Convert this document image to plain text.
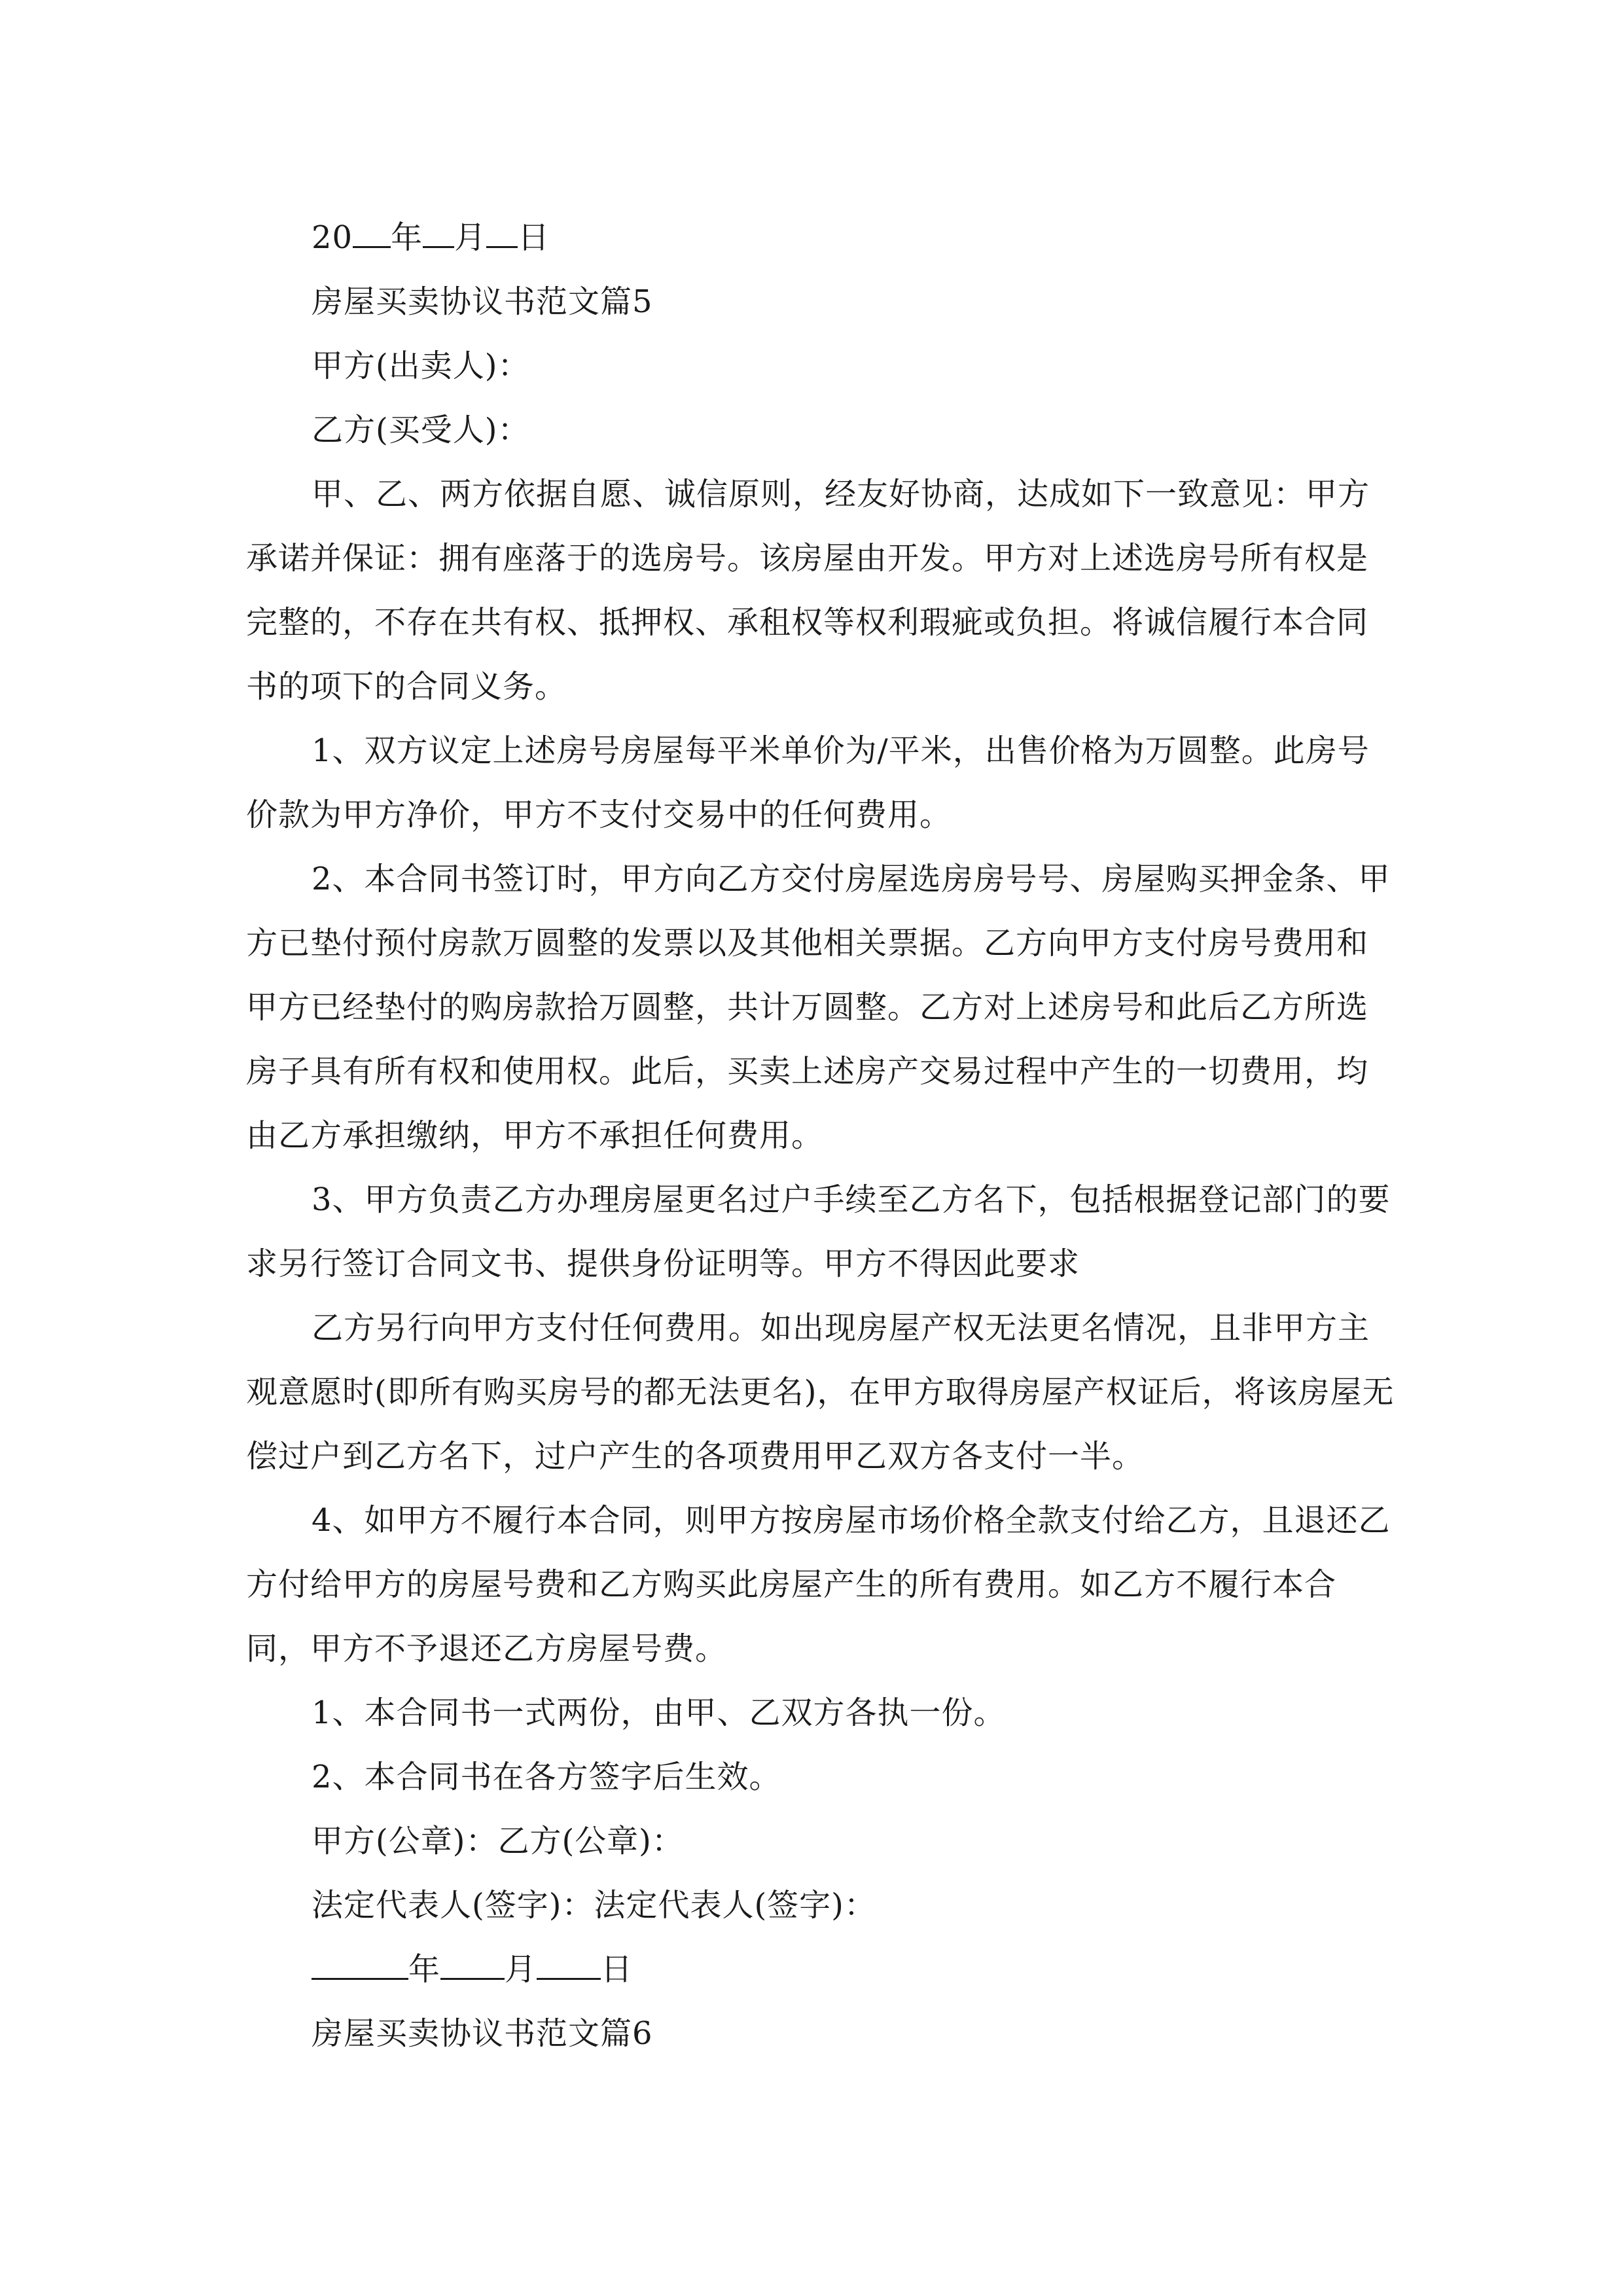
20 年 月 日

房屋买卖协议书范文篇5

甲方(出卖人)：

乙方(买受人)：

甲、乙、两方依据自愿、诚信原则，经友好协商，达成如下一致意见：甲方承诺并保证：拥有座落于的选房号。该房屋由开发。甲方对上述选房号所有权是完整的，不存在共有权、抵押权、承租权等权利瑕疵或负担。将诚信履行本合同书的项下的合同义务。

1、双方议定上述房号房屋每平米单价为/平米，出售价格为万圆整。此房号价款为甲方净价，甲方不支付交易中的任何费用。

2、本合同书签订时，甲方向乙方交付房屋选房房号号、房屋购买押金条、甲方已垫付预付房款万圆整的发票以及其他相关票据。乙方向甲方支付房号费用和甲方已经垫付的购房款拾万圆整，共计万圆整。乙方对上述房号和此后乙方所选房子具有所有权和使用权。此后，买卖上述房产交易过程中产生的一切费用，均由乙方承担缴纳，甲方不承担任何费用。

3、甲方负责乙方办理房屋更名过户手续至乙方名下，包括根据登记部门的要求另行签订合同文书、提供身份证明等。甲方不得因此要求

乙方另行向甲方支付任何费用。如出现房屋产权无法更名情况，且非甲方主观意愿时(即所有购买房号的都无法更名)，在甲方取得房屋产权证后，将该房屋无偿过户到乙方名下，过户产生的各项费用甲乙双方各支付一半。

4、如甲方不履行本合同，则甲方按房屋市场价格全款支付给乙方，且退还乙方付给甲方的房屋号费和乙方购买此房屋产生的所有费用。如乙方不履行本合同，甲方不予退还乙方房屋号费。

1、本合同书一式两份，由甲、乙双方各执一份。

2、本合同书在各方签字后生效。

甲方(公章)：乙方(公章)：

法定代表人(签字)：法定代表人(签字)：

年 月 日

房屋买卖协议书范文篇6
